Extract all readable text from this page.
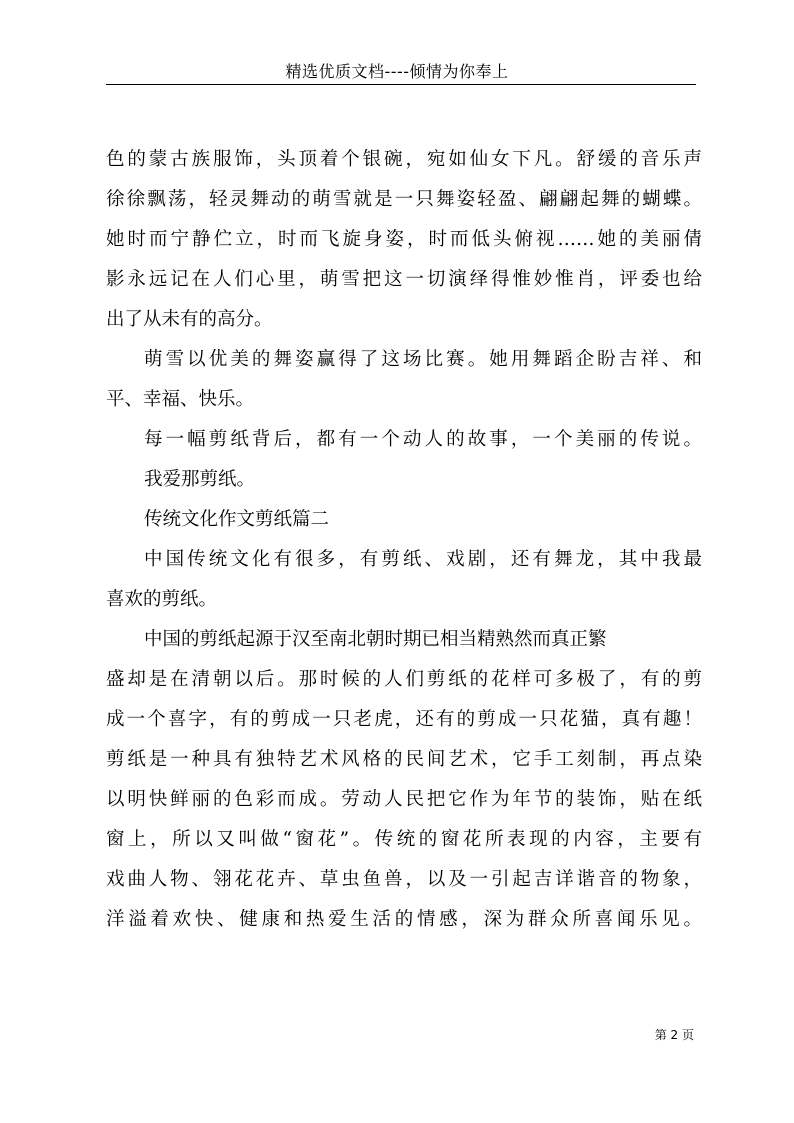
精选优质文档----倾情为你奉上
色的蒙古族服饰，头顶着个银碗，宛如仙女下凡。舒缓的音乐声
徐徐飘荡，轻灵舞动的萌雪就是一只舞姿轻盈、翩翩起舞的蝴蝶。
她时而宁静伫立，时而飞旋身姿，时而低头俯视……她的美丽倩
影永远记在人们心里，萌雪把这一切演绎得惟妙惟肖，评委也给
出了从未有的高分。
萌雪以优美的舞姿赢得了这场比赛。她用舞蹈企盼吉祥、和
平、幸福、快乐。
每一幅剪纸背后，都有一个动人的故事，一个美丽的传说。
我爱那剪纸。
传统文化作文剪纸篇二
中国传统文化有很多，有剪纸、戏剧，还有舞龙，其中我最
喜欢的剪纸。
中国的剪纸起源于汉至南北朝时期已相当精熟然而真正繁
盛却是在清朝以后。那时候的人们剪纸的花样可多极了，有的剪
成一个喜字，有的剪成一只老虎，还有的剪成一只花猫，真有趣！
剪纸是一种具有独特艺术风格的民间艺术，它手工刻制，再点染
以明快鲜丽的色彩而成。劳动人民把它作为年节的装饰，贴在纸
窗上，所以又叫做“窗花”。传统的窗花所表现的内容，主要有
戏曲人物、翎花花卉、草虫鱼兽，以及一引起吉详谐音的物象，
洋溢着欢快、健康和热爱生活的情感，深为群众所喜闻乐见。
第 2 页
